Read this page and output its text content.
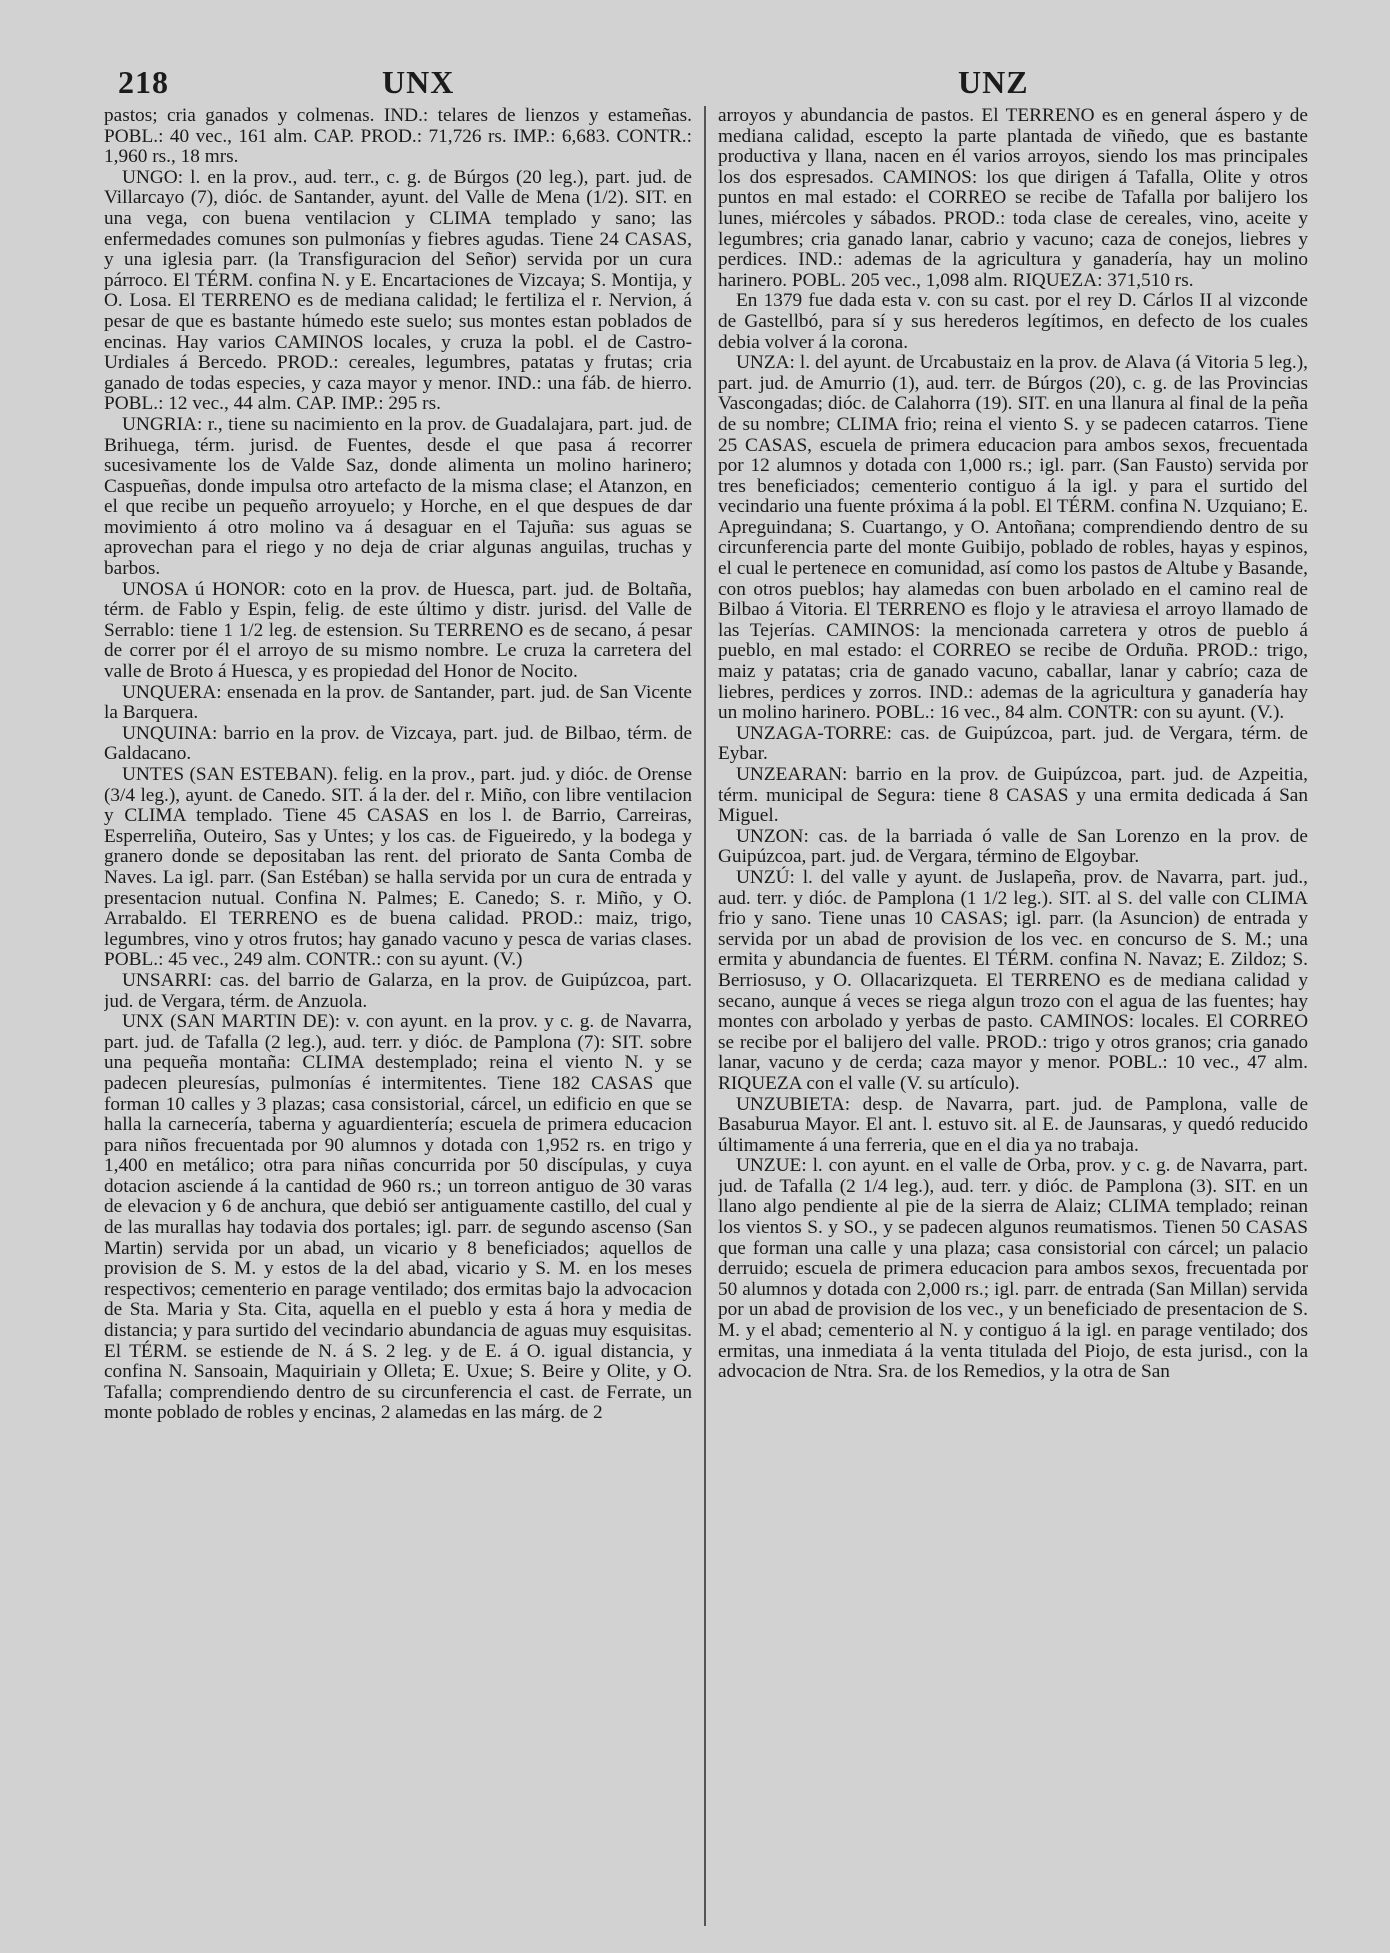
218	UNX	UNZ

pastos; cria ganados y colmenas. IND.: telares de lienzos y estameñas. POBL.: 40 vec., 161 alm. CAP. PROD.: 71,726 rs. IMP.: 6,683. CONTR.: 1,960 rs., 18 mrs.

UNGO: l. en la prov., aud. terr., c. g. de Búrgos (20 leg.), part. jud. de Villarcayo (7), dióc. de Santander, ayunt. del Valle de Mena (1/2). SIT. en una vega, con buena ventilacion y CLIMA templado y sano; las enfermedades comunes son pulmonías y fiebres agudas. Tiene 24 CASAS, y una iglesia parr. (la Transfiguracion del Señor) servida por un cura párroco. El TÉRM. confina N. y E. Encartaciones de Vizcaya; S. Montija, y O. Losa. El TERRENO es de mediana calidad; le fertiliza el r. Nervion, á pesar de que es bastante húmedo este suelo; sus montes estan poblados de encinas. Hay varios CAMINOS locales, y cruza la pobl. el de Castro-Urdiales á Bercedo. PROD.: cereales, legumbres, patatas y frutas; cria ganado de todas especies, y caza mayor y menor. IND.: una fáb. de hierro. POBL.: 12 vec., 44 alm. CAP. IMP.: 295 rs.

UNGRIA: r., tiene su nacimiento en la prov. de Guadalajara, part. jud. de Brihuega, térm. jurisd. de Fuentes, desde el que pasa á recorrer sucesivamente los de Valde Saz, donde alimenta un molino harinero; Caspueñas, donde impulsa otro artefacto de la misma clase; el Atanzon, en el que recibe un pequeño arroyuelo; y Horche, en el que despues de dar movimiento á otro molino va á desaguar en el Tajuña: sus aguas se aprovechan para el riego y no deja de criar algunas anguilas, truchas y barbos.

UNOSA ú HONOR: coto en la prov. de Huesca, part. jud. de Boltaña, térm. de Fablo y Espin, felig. de este último y distr. jurisd. del Valle de Serrablo: tiene 1 1/2 leg. de estension. Su TERRENO es de secano, á pesar de correr por él el arroyo de su mismo nombre. Le cruza la carretera del valle de Broto á Huesca, y es propiedad del Honor de Nocito.

UNQUERA: ensenada en la prov. de Santander, part. jud. de San Vicente la Barquera.

UNQUINA: barrio en la prov. de Vizcaya, part. jud. de Bilbao, térm. de Galdacano.

UNTES (SAN ESTEBAN). felig. en la prov., part. jud. y dióc. de Orense (3/4 leg.), ayunt. de Canedo. SIT. á la der. del r. Miño, con libre ventilacion y CLIMA templado. Tiene 45 CASAS en los l. de Barrio, Carreiras, Esperreliña, Outeiro, Sas y Untes; y los cas. de Figueiredo, y la bodega y granero donde se depositaban las rent. del priorato de Santa Comba de Naves. La igl. parr. (San Estéban) se halla servida por un cura de entrada y presentacion nutual. Confina N. Palmes; E. Canedo; S. r. Miño, y O. Arrabaldo. El TERRENO es de buena calidad. PROD.: maiz, trigo, legumbres, vino y otros frutos; hay ganado vacuno y pesca de varias clases. POBL.: 45 vec., 249 alm. CONTR.: con su ayunt. (V.)

UNSARRI: cas. del barrio de Galarza, en la prov. de Guipúzcoa, part. jud. de Vergara, térm. de Anzuola.

UNX (SAN MARTIN DE): v. con ayunt. en la prov. y c. g. de Navarra, part. jud. de Tafalla (2 leg.), aud. terr. y dióc. de Pamplona (7): SIT. sobre una pequeña montaña: CLIMA destemplado; reina el viento N. y se padecen pleuresías, pulmonías é intermitentes. Tiene 182 CASAS que forman 10 calles y 3 plazas; casa consistorial, cárcel, un edificio en que se halla la carnecería, taberna y aguardientería; escuela de primera educacion para niños frecuentada por 90 alumnos y dotada con 1,952 rs. en trigo y 1,400 en metálico; otra para niñas concurrida por 50 discípulas, y cuya dotacion asciende á la cantidad de 960 rs.; un torreon antiguo de 30 varas de elevacion y 6 de anchura, que debió ser antiguamente castillo, del cual y de las murallas hay todavia dos portales; igl. parr. de segundo ascenso (San Martin) servida por un abad, un vicario y 8 beneficiados; aquellos de provision de S. M. y estos de la del abad, vicario y S. M. en los meses respectivos; cementerio en parage ventilado; dos ermitas bajo la advocacion de Sta. Maria y Sta. Cita, aquella en el pueblo y esta á hora y media de distancia; y para surtido del vecindario abundancia de aguas muy esquisitas. El TÉRM. se estiende de N. á S. 2 leg. y de E. á O. igual distancia, y confina N. Sansoain, Maquiriain y Olleta; E. Uxue; S. Beire y Olite, y O. Tafalla; comprendiendo dentro de su circunferencia el cast. de Ferrate, un monte poblado de robles y encinas, 2 alamedas en las márg. de 2

arroyos y abundancia de pastos. El TERRENO es en general áspero y de mediana calidad, escepto la parte plantada de viñedo, que es bastante productiva y llana, nacen en él varios arroyos, siendo los mas principales los dos espresados. CAMINOS: los que dirigen á Tafalla, Olite y otros puntos en mal estado: el CORREO se recibe de Tafalla por balijero los lunes, miércoles y sábados. PROD.: toda clase de cereales, vino, aceite y legumbres; cria ganado lanar, cabrio y vacuno; caza de conejos, liebres y perdices. IND.: ademas de la agricultura y ganadería, hay un molino harinero. POBL. 205 vec., 1,098 alm. RIQUEZA: 371,510 rs.

En 1379 fue dada esta v. con su cast. por el rey D. Cárlos II al vizconde de Gastellbó, para sí y sus herederos legítimos, en defecto de los cuales debia volver á la corona.

UNZA: l. del ayunt. de Urcabustaiz en la prov. de Alava (á Vitoria 5 leg.), part. jud. de Amurrio (1), aud. terr. de Búrgos (20), c. g. de las Provincias Vascongadas; dióc. de Calahorra (19). SIT. en una llanura al final de la peña de su nombre; CLIMA frio; reina el viento S. y se padecen catarros. Tiene 25 CASAS, escuela de primera educacion para ambos sexos, frecuentada por 12 alumnos y dotada con 1,000 rs.; igl. parr. (San Fausto) servida por tres beneficiados; cementerio contiguo á la igl. y para el surtido del vecindario una fuente próxima á la pobl. El TÉRM. confina N. Uzquiano; E. Apreguindana; S. Cuartango, y O. Antoñana; comprendiendo dentro de su circunferencia parte del monte Guibijo, poblado de robles, hayas y espinos, el cual le pertenece en comunidad, así como los pastos de Altube y Basande, con otros pueblos; hay alamedas con buen arbolado en el camino real de Bilbao á Vitoria. El TERRENO es flojo y le atraviesa el arroyo llamado de las Tejerías. CAMINOS: la mencionada carretera y otros de pueblo á pueblo, en mal estado: el CORREO se recibe de Orduña. PROD.: trigo, maiz y patatas; cria de ganado vacuno, caballar, lanar y cabrío; caza de liebres, perdices y zorros. IND.: ademas de la agricultura y ganadería hay un molino harinero. POBL.: 16 vec., 84 alm. CONTR: con su ayunt. (V.).

UNZAGA-TORRE: cas. de Guipúzcoa, part. jud. de Vergara, térm. de Eybar.

UNZEARAN: barrio en la prov. de Guipúzcoa, part. jud. de Azpeitia, térm. municipal de Segura: tiene 8 CASAS y una ermita dedicada á San Miguel.

UNZON: cas. de la barriada ó valle de San Lorenzo en la prov. de Guipúzcoa, part. jud. de Vergara, término de Elgoybar.

UNZÚ: l. del valle y ayunt. de Juslapeña, prov. de Navarra, part. jud., aud. terr. y dióc. de Pamplona (1 1/2 leg.). SIT. al S. del valle con CLIMA frio y sano. Tiene unas 10 CASAS; igl. parr. (la Asuncion) de entrada y servida por un abad de provision de los vec. en concurso de S. M.; una ermita y abundancia de fuentes. El TÉRM. confina N. Navaz; E. Zildoz; S. Berriosuso, y O. Ollacarizqueta. El TERRENO es de mediana calidad y secano, aunque á veces se riega algun trozo con el agua de las fuentes; hay montes con arbolado y yerbas de pasto. CAMINOS: locales. El CORREO se recibe por el balijero del valle. PROD.: trigo y otros granos; cria ganado lanar, vacuno y de cerda; caza mayor y menor. POBL.: 10 vec., 47 alm. RIQUEZA con el valle (V. su artículo).

UNZUBIETA: desp. de Navarra, part. jud. de Pamplona, valle de Basaburua Mayor. El ant. l. estuvo sit. al E. de Jaunsaras, y quedó reducido últimamente á una ferreria, que en el dia ya no trabaja.

UNZUE: l. con ayunt. en el valle de Orba, prov. y c. g. de Navarra, part. jud. de Tafalla (2 1/4 leg.), aud. terr. y dióc. de Pamplona (3). SIT. en un llano algo pendiente al pie de la sierra de Alaiz; CLIMA templado; reinan los vientos S. y SO., y se padecen algunos reumatismos. Tienen 50 CASAS que forman una calle y una plaza; casa consistorial con cárcel; un palacio derruido; escuela de primera educacion para ambos sexos, frecuentada por 50 alumnos y dotada con 2,000 rs.; igl. parr. de entrada (San Millan) servida por un abad de provision de los vec., y un beneficiado de presentacion de S. M. y el abad; cementerio al N. y contiguo á la igl. en parage ventilado; dos ermitas, una inmediata á la venta titulada del Piojo, de esta jurisd., con la advocacion de Ntra. Sra. de los Remedios, y la otra de San
